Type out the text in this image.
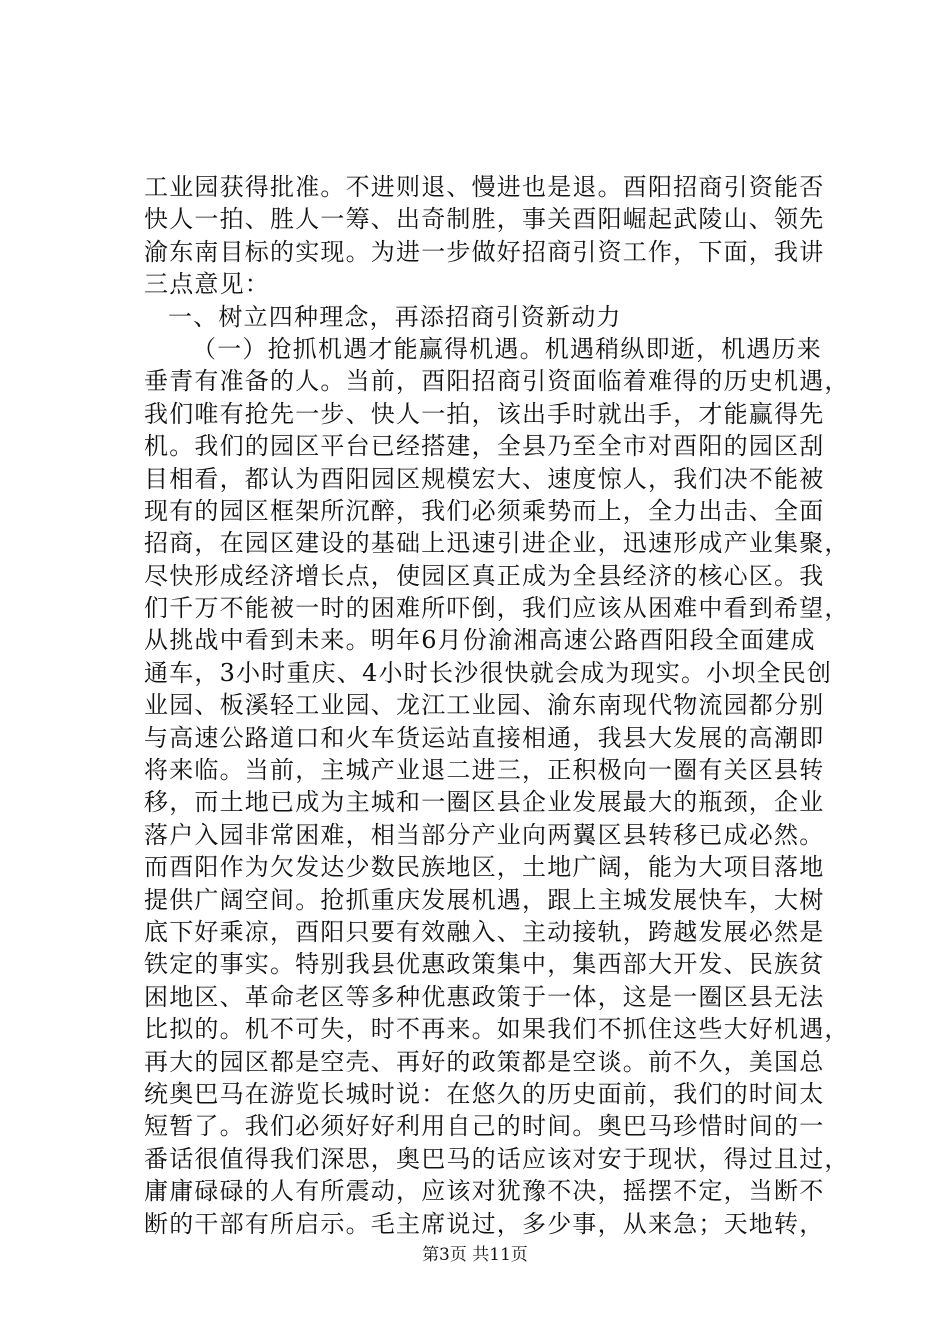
工业园获得批准。不进则退、慢进也是退。酉阳招商引资能否
快人一拍、胜人一筹、出奇制胜，事关酉阳崛起武陵山、领先
渝东南目标的实现。为进一步做好招商引资工作，下面，我讲
三点意见：
一、树立四种理念，再添招商引资新动力
（一）抢抓机遇才能赢得机遇。机遇稍纵即逝，机遇历来
垂青有准备的人。当前，酉阳招商引资面临着难得的历史机遇，
我们唯有抢先一步、快人一拍，该出手时就出手，才能赢得先
机。我们的园区平台已经搭建，全县乃至全市对酉阳的园区刮
目相看，都认为酉阳园区规模宏大、速度惊人，我们决不能被
现有的园区框架所沉醉，我们必须乘势而上，全力出击、全面
招商，在园区建设的基础上迅速引进企业，迅速形成产业集聚，
尽快形成经济增长点，使园区真正成为全县经济的核心区。我
们千万不能被一时的困难所吓倒，我们应该从困难中看到希望，
从挑战中看到未来。明年6月份渝湘高速公路酉阳段全面建成
通车，3小时重庆、4小时长沙很快就会成为现实。小坝全民创
业园、板溪轻工业园、龙江工业园、渝东南现代物流园都分别
与高速公路道口和火车货运站直接相通，我县大发展的高潮即
将来临。当前，主城产业退二进三，正积极向一圈有关区县转
移，而土地已成为主城和一圈区县企业发展最大的瓶颈，企业
落户入园非常困难，相当部分产业向两翼区县转移已成必然。
而酉阳作为欠发达少数民族地区，土地广阔，能为大项目落地
提供广阔空间。抢抓重庆发展机遇，跟上主城发展快车，大树
底下好乘凉，酉阳只要有效融入、主动接轨，跨越发展必然是
铁定的事实。特别我县优惠政策集中，集西部大开发、民族贫
困地区、革命老区等多种优惠政策于一体，这是一圈区县无法
比拟的。机不可失，时不再来。如果我们不抓住这些大好机遇，
再大的园区都是空壳、再好的政策都是空谈。前不久，美国总
统奥巴马在游览长城时说：在悠久的历史面前，我们的时间太
短暂了。我们必须好好利用自己的时间。奥巴马珍惜时间的一
番话很值得我们深思，奥巴马的话应该对安于现状，得过且过，
庸庸碌碌的人有所震动，应该对犹豫不决，摇摆不定，当断不
断的干部有所启示。毛主席说过，多少事，从来急；天地转，
第3页 共11页
